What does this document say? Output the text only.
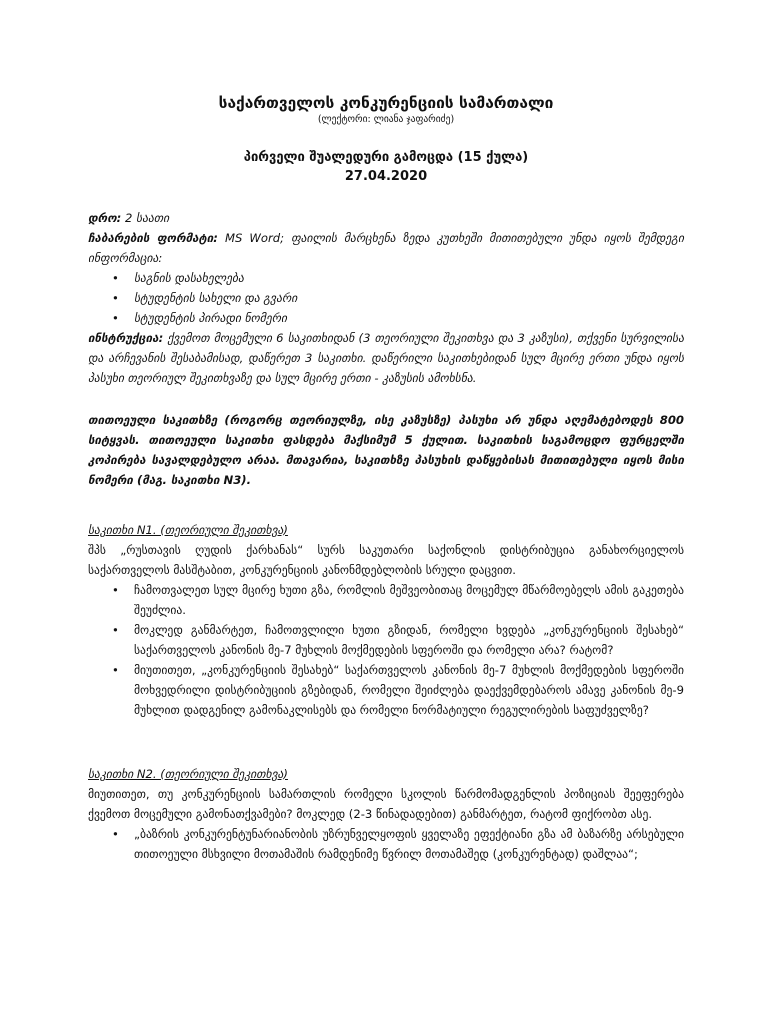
საქართველოს კონკურენციის სამართალი

(ლექტორი: ლიანა ჯაფარიძე)

პირველი შუალედური გამოცდა (15 ქულა)

27.04.2020

დრო: 2 საათი

ჩაბარების ფორმატი: MS Word; ფაილის მარცხენა ზედა კუთხეში მითითებული უნდა იყოს შემდეგი ინფორმაცია:

• საგნის დასახელება
• სტუდენტის სახელი და გვარი
• სტუდენტის პირადი ნომერი

ინსტრუქცია: ქვემოთ მოცემული 6 საკითხიდან (3 თეორიული შეკითხვა და 3 კაზუსი), თქვენი სურვილისა და არჩევანის შესაბამისად, დაწერეთ 3 საკითხი. დაწერილი საკითხებიდან სულ მცირე ერთი უნდა იყოს პასუხი თეორიულ შეკითხვაზე და სულ მცირე ერთი - კაზუსის ამოხსნა.

თითოეული საკითხზე (როგორც თეორიულზე, ისე კაზუსზე) პასუხი არ უნდა აღემატებოდეს 800 სიტყვას. თითოეული საკითხი ფასდება მაქსიმუმ 5 ქულით. საკითხის საგამოცდო ფურცელში კოპირება სავალდებულო არაა. მთავარია, საკითხზე პასუხის დაწყებისას მითითებული იყოს მისი ნომერი (მაგ. საკითხი N3).

საკითხი N1. (თეორიული შეკითხვა)

შპს „რუსთავის ღუდის ქარხანას“ სურს საკუთარი საქონლის დისტრიბუცია განახორციელოს საქართველოს მასშტაბით, კონკურენციის კანონმდებლობის სრული დაცვით.

• ჩამოთვალეთ სულ მცირე ხუთი გზა, რომლის მეშვეობითაც მოცემულ მწარმოებელს ამის გაკეთება შეუძლია.
• მოკლედ განმარტეთ, ჩამოთვლილი ხუთი გზიდან, რომელი ხვდება „კონკურენციის შესახებ“ საქართველოს კანონის მე-7 მუხლის მოქმედების სფეროში და რომელი არა? რატომ?
• მიუთითეთ, „კონკურენციის შესახებ“ საქართველოს კანონის მე-7 მუხლის მოქმედების სფეროში მოხვედრილი დისტრიბუციის გზებიდან, რომელი შეიძლება დაექვემდებაროს ამავე კანონის მე-9 მუხლით დადგენილ გამონაკლისებს და რომელი ნორმატიული რეგულირების საფუძველზე?

საკითხი N2. (თეორიული შეკითხვა)

მიუთითეთ, თუ კონკურენციის სამართლის რომელი სკოლის წარმომადგენლის პოზიციას შეეფერება ქვემოთ მოცემული გამონათქვამები? მოკლედ (2-3 წინადადებით) განმარტეთ, რატომ ფიქრობთ ასე.

• „ბაზრის კონკურენტუნარიანობის უზრუნველყოფის ყველაზე ეფექტიანი გზა ამ ბაზარზე არსებული თითოეული მსხვილი მოთამაშის რამდენიმე წვრილ მოთამაშედ (კონკურენტად) დაშლაა“;
